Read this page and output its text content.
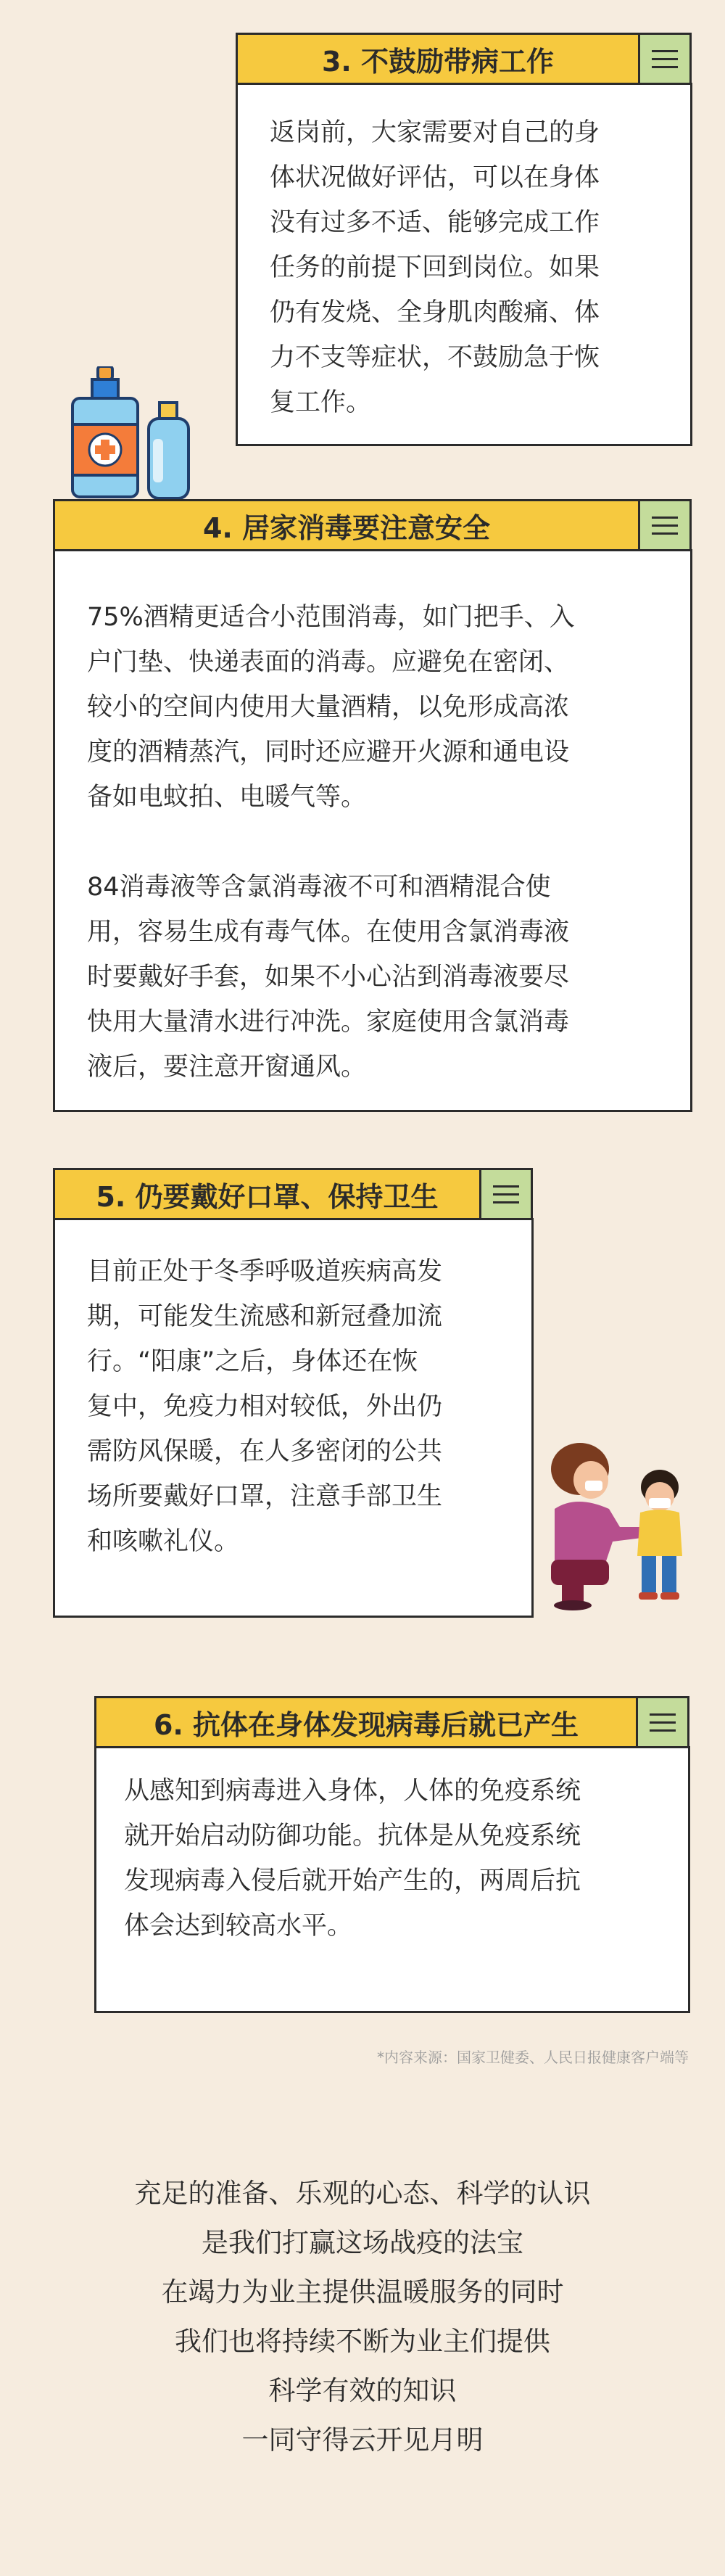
3. 不鼓励带病工作

返岗前，大家需要对自己的身
体状况做好评估，可以在身体
没有过多不适、能够完成工作
任务的前提下回到岗位。如果
仍有发烧、全身肌肉酸痛、体
力不支等症状，不鼓励急于恢
复工作。

4. 居家消毒要注意安全

75%酒精更适合小范围消毒，如门把手、入
户门垫、快递表面的消毒。应避免在密闭、
较小的空间内使用大量酒精，以免形成高浓
度的酒精蒸汽，同时还应避开火源和通电设
备如电蚊拍、电暖气等。

84消毒液等含氯消毒液不可和酒精混合使
用，容易生成有毒气体。在使用含氯消毒液
时要戴好手套，如果不小心沾到消毒液要尽
快用大量清水进行冲洗。家庭使用含氯消毒
液后，要注意开窗通风。

5. 仍要戴好口罩、保持卫生

目前正处于冬季呼吸道疾病高发
期，可能发生流感和新冠叠加流
行。“阳康”之后，身体还在恢
复中，免疫力相对较低，外出仍
需防风保暖，在人多密闭的公共
场所要戴好口罩，注意手部卫生
和咳嗽礼仪。

6. 抗体在身体发现病毒后就已产生

从感知到病毒进入身体，人体的免疫系统
就开始启动防御功能。抗体是从免疫系统
发现病毒入侵后就开始产生的，两周后抗
体会达到较高水平。

*内容来源：国家卫健委、人民日报健康客户端等
充足的准备、乐观的心态、科学的认识
是我们打赢这场战疫的法宝
在竭力为业主提供温暖服务的同时
我们也将持续不断为业主们提供
科学有效的知识
一同守得云开见月明
